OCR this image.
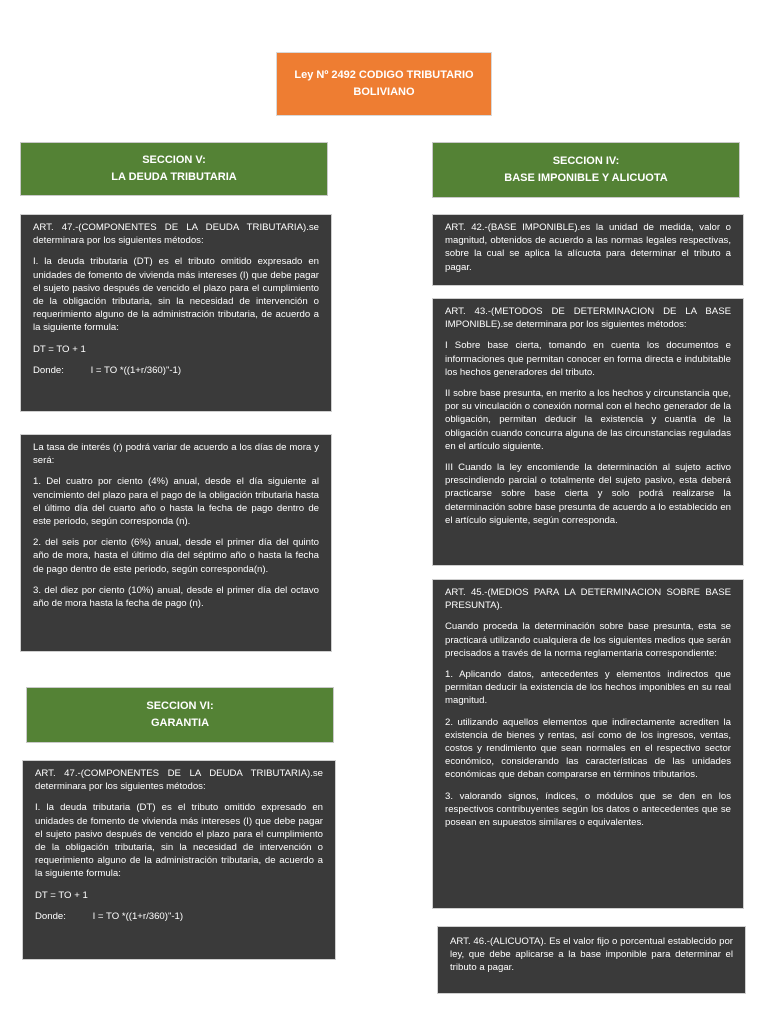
Ley Nº 2492 CODIGO TRIBUTARIO
BOLIVIANO
SECCION V:
LA DEUDA TRIBUTARIA
SECCION IV:
BASE IMPONIBLE Y ALICUOTA
SECCION VI:
GARANTIA

ART. 47.-(COMPONENTES DE LA DEUDA TRIBUTARIA).se determinara por los siguientes métodos:

I. la deuda tributaria (DT) es el tributo omitido expresado en unidades de fomento de vivienda más intereses (I) que debe pagar el sujeto pasivo después de vencido el plazo para el cumplimiento de la obligación tributaria, sin la necesidad de intervención o requerimiento alguno de la administración tributaria, de acuerdo a la siguiente formula:

DT = TO + 1

Donde:          I = TO *((1+r/360)"-1)

La tasa de interés (r) podrá variar de acuerdo a los días de mora y será:

1. Del cuatro por ciento (4%) anual, desde el día siguiente al vencimiento del plazo para el pago de la obligación tributaria hasta el último día del cuarto año o hasta la fecha de pago dentro de este periodo, según corresponda (n).

2. del seis por ciento (6%) anual, desde el primer día del quinto año de mora, hasta el último día del séptimo año o hasta la fecha de pago dentro de este periodo, según corresponda(n).

3. del diez por ciento (10%) anual, desde el primer día del octavo año de mora hasta la fecha de pago (n).

ART. 47.-(COMPONENTES DE LA DEUDA TRIBUTARIA).se determinara por los siguientes métodos:

I. la deuda tributaria (DT) es el tributo omitido expresado en unidades de fomento de vivienda más intereses (I) que debe pagar el sujeto pasivo después de vencido el plazo para el cumplimiento de la obligación tributaria, sin la necesidad de intervención o requerimiento alguno de la administración tributaria, de acuerdo a la siguiente formula:

DT = TO + 1

Donde:          I = TO *((1+r/360)"-1)

ART. 42.-(BASE IMPONIBLE).es la unidad de medida, valor o magnitud, obtenidos de acuerdo a las normas legales respectivas, sobre la cual se aplica la alícuota para determinar el tributo a pagar.

ART. 43.-(METODOS DE DETERMINACION DE LA BASE IMPONIBLE).se determinara por los siguientes métodos:

I Sobre base cierta, tomando en cuenta los documentos e informaciones que permitan conocer en forma directa e indubitable los hechos generadores del tributo.

II sobre base presunta, en merito a los hechos y circunstancia que, por su vinculación o conexión normal con el hecho generador de la obligación, permitan deducir la existencia y cuantía de la obligación cuando concurra alguna de las circunstancias reguladas en el artículo siguiente.

III Cuando la ley encomiende la determinación al sujeto activo prescindiendo parcial o totalmente del sujeto pasivo, esta deberá practicarse sobre base cierta y solo podrá realizarse la determinación sobre base presunta de acuerdo a lo establecido en el artículo siguiente, según corresponda.

ART. 45.-(MEDIOS PARA LA DETERMINACION SOBRE BASE PRESUNTA).

Cuando proceda la determinación sobre base presunta, esta se practicará utilizando cualquiera de los siguientes medios que serán precisados a través de la norma reglamentaria correspondiente:

1. Aplicando datos, antecedentes y elementos indirectos que permitan deducir la existencia de los hechos imponibles en su real magnitud.

2. utilizando aquellos elementos que indirectamente acrediten la existencia de bienes y rentas, así como de los ingresos, ventas, costos y rendimiento que sean normales en el respectivo sector económico, considerando las características de las unidades económicas que deban compararse en términos tributarios.

3. valorando signos, índices, o módulos que se den en los respectivos contribuyentes según los datos o antecedentes que se posean en supuestos similares o equivalentes.

ART. 46.-(ALICUOTA). Es el valor fijo o porcentual establecido por ley, que debe aplicarse a la base imponible para determinar el tributo a pagar.
